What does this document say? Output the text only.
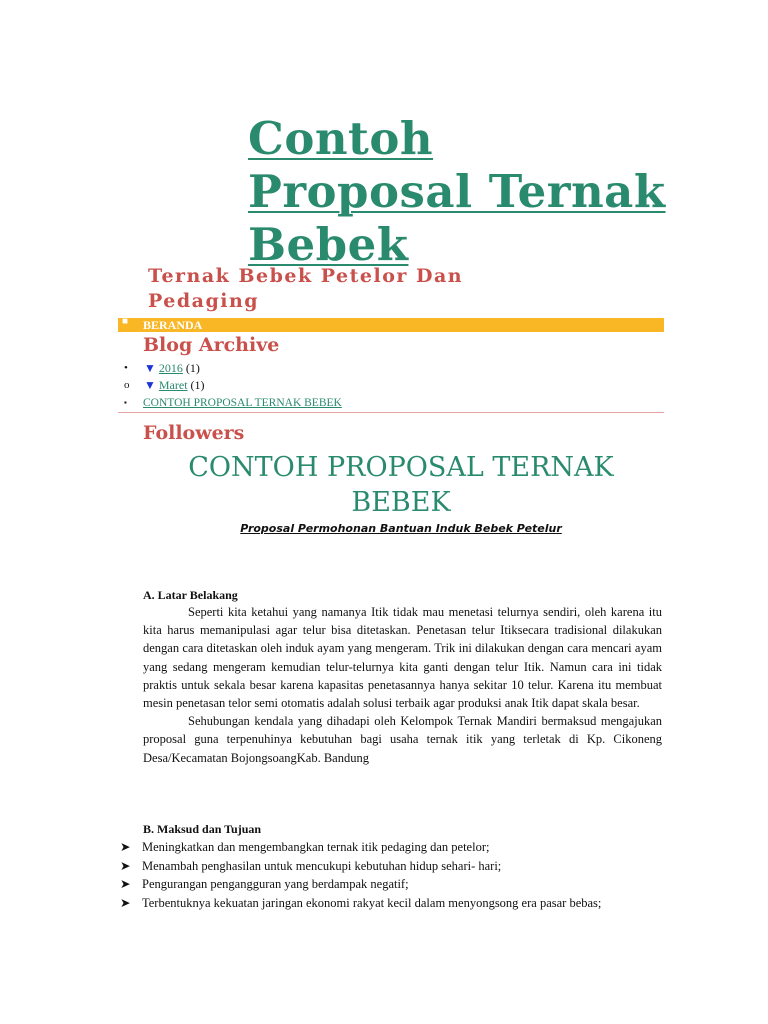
Contoh Proposal Ternak Bebek
Ternak Bebek Petelor Dan Pedaging
■ BERANDA
Blog Archive
• ▼ 2016 (1)
o ▼ Maret (1)
▪ CONTOH PROPOSAL TERNAK BEBEK
Followers
CONTOH PROPOSAL TERNAK BEBEK
Proposal Permohonan Bantuan Induk Bebek Petelur
A. Latar Belakang

Seperti kita ketahui yang namanya Itik tidak mau menetasi telurnya sendiri, oleh karena itu kita harus memanipulasi agar telur bisa ditetaskan. Penetasan telur Itiksecara tradisional dilakukan dengan cara ditetaskan oleh induk ayam yang mengeram. Trik ini dilakukan dengan cara mencari ayam yang sedang mengeram kemudian telur-telurnya kita ganti dengan telur Itik. Namun cara ini tidak praktis untuk sekala besar karena kapasitas penetasannya hanya sekitar 10 telur. Karena itu membuat mesin penetasan telor semi otomatis adalah solusi terbaik agar produksi anak Itik dapat skala besar.

Sehubungan kendala yang dihadapi oleh Kelompok Ternak Mandiri bermaksud mengajukan proposal guna terpenuhinya kebutuhan bagi usaha ternak itik yang terletak di Kp. Cikoneng Desa/Kecamatan BojongsoangKab. Bandung

B. Maksud dan Tujuan
➤ Meningkatkan dan mengembangkan ternak itik pedaging dan petelor;
➤ Menambah penghasilan untuk mencukupi kebutuhan hidup sehari- hari;
➤ Pengurangan pengangguran yang berdampak negatif;
➤ Terbentuknya kekuatan jaringan ekonomi rakyat kecil dalam menyongsong era pasar bebas;
